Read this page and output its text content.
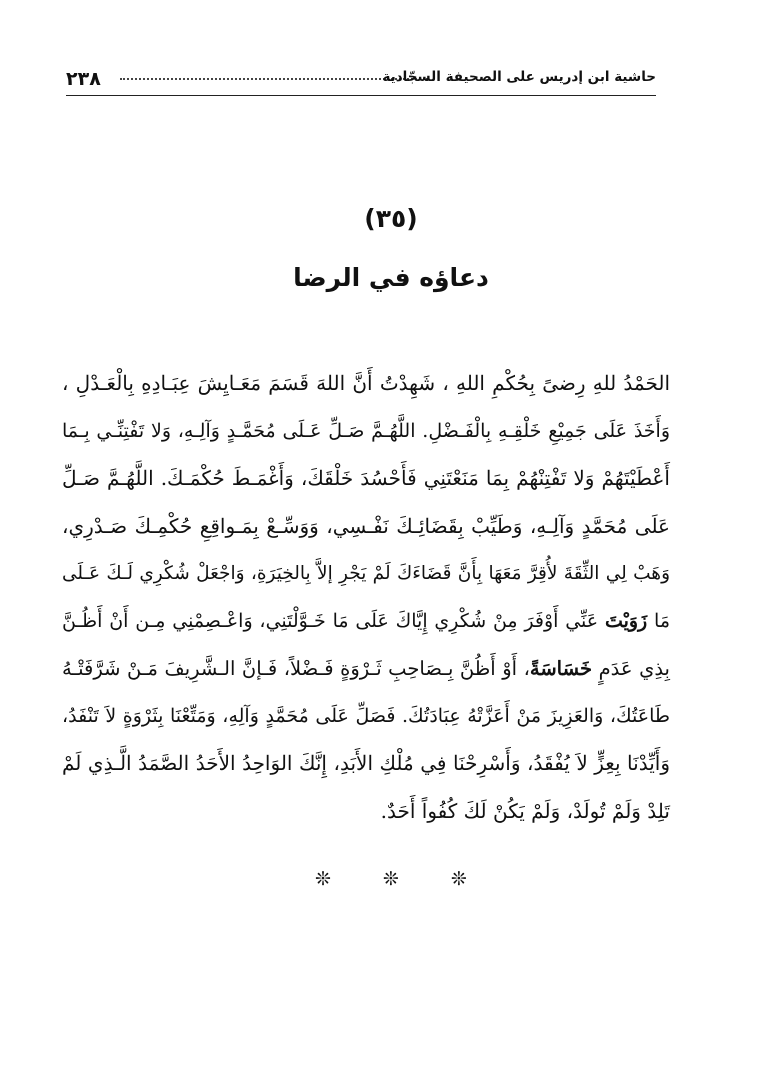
٢٣٨	حاشية ابن إدريس على الصحيفة السجّادية
(٣٥)
دعاؤه في الرضا
الحَمْدُ للهِ رِضىً بِحُكْمِ اللهِ ، شَهِدْتُ أَنَّ اللهَ قَسَمَ مَعَـايِشَ عِبَـادِهِ بِالْعَـدْلِ ،
وَأَخَذَ عَلَى جَمِيْعِ خَلْقِـهِ بِالْفَـضْلِ. اللَّهُـمَّ صَـلِّ عَـلَى مُحَمَّـدٍ وَآلِـهِ، وَلا تَفْتِنِّـي بِـمَا
أَعْطَيْتَهُمْ وَلا تَفْتِنْهُمْ بِمَا مَنَعْتَنِي فَأَحْسُدَ خَلْقَكَ، وَأَغْمَـطَ حُكْمَـكَ. اللَّهُـمَّ صَـلِّ
عَلَى مُحَمَّدٍ وَآلِـهِ، وَطَيِّبْ بِقَضَائِـكَ نَفْـسِي، وَوَسِّـعْ بِمَـواقِعِ حُكْمِـكَ صَـدْرِي،
وَهَبْ لِي الثِّقَةَ لأُقِرَّ مَعَهَا بِأَنَّ قَضَاءَكَ لَمْ يَجْرِ إلاَّ بِالخِيَرَةِ، وَاجْعَلْ شُكْرِي لَـكَ عَـلَى
مَا زَوَيْتَ عَنِّي أَوْفَرَ مِنْ شُكْرِي إِيَّاكَ عَلَى مَا خَـوَّلْتَنِي، وَاعْـصِمْنِي مِـن أَنْ أَظُـنَّ
بِذِي عَدَمٍ خَسَاسَةً، أَوْ أَظُنَّ بِـصَاحِبِ ثَـرْوَةٍ فَـضْلاً، فَـإنَّ الـشَّرِيفَ مَـنْ شَرَّفَتْـهُ
طَاعَتُكَ، وَالعَزِيزَ مَنْ أَعَزَّتْهُ عِبَادَتُكَ. فَصَلِّ عَلَى مُحَمَّدٍ وَآلِهِ، وَمَتِّعْنَا بِثَرْوَةٍ لاَ تَنْفَدُ،
وَأَيِّدْنَا بِعِزٍّ لاَ يُفْقَدُ، وَأَسْرِحْنَا فِي مُلْكِ الأَبَدِ، إِنَّكَ الوَاحِدُ الأَحَدُ الصَّمَدُ الَّـذِي لَمْ
تَلِدْ وَلَمْ تُولَدْ، وَلَمْ يَكُنْ لَكَ كُفُواً أَحَدٌ.
❊	❊	❊
